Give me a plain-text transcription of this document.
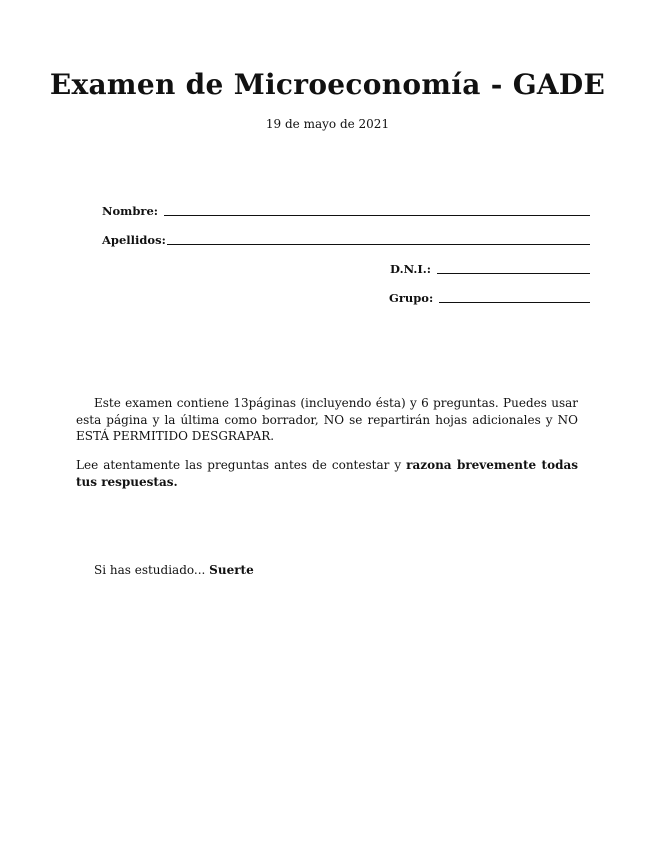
Examen de Microeconomía - GADE
19 de mayo de 2021
Nombre:
Apellidos:
D.N.I.:
Grupo:

Este examen contiene 13páginas (incluyendo ésta) y 6 preguntas. Puedes usar esta página y la última como borrador, NO se repartirán hojas adicionales y NO ESTÁ PERMITIDO DESGRAPAR.

Lee atentamente las preguntas antes de contestar y razona brevemente todas tus respuestas.

Si has estudiado... Suerte
